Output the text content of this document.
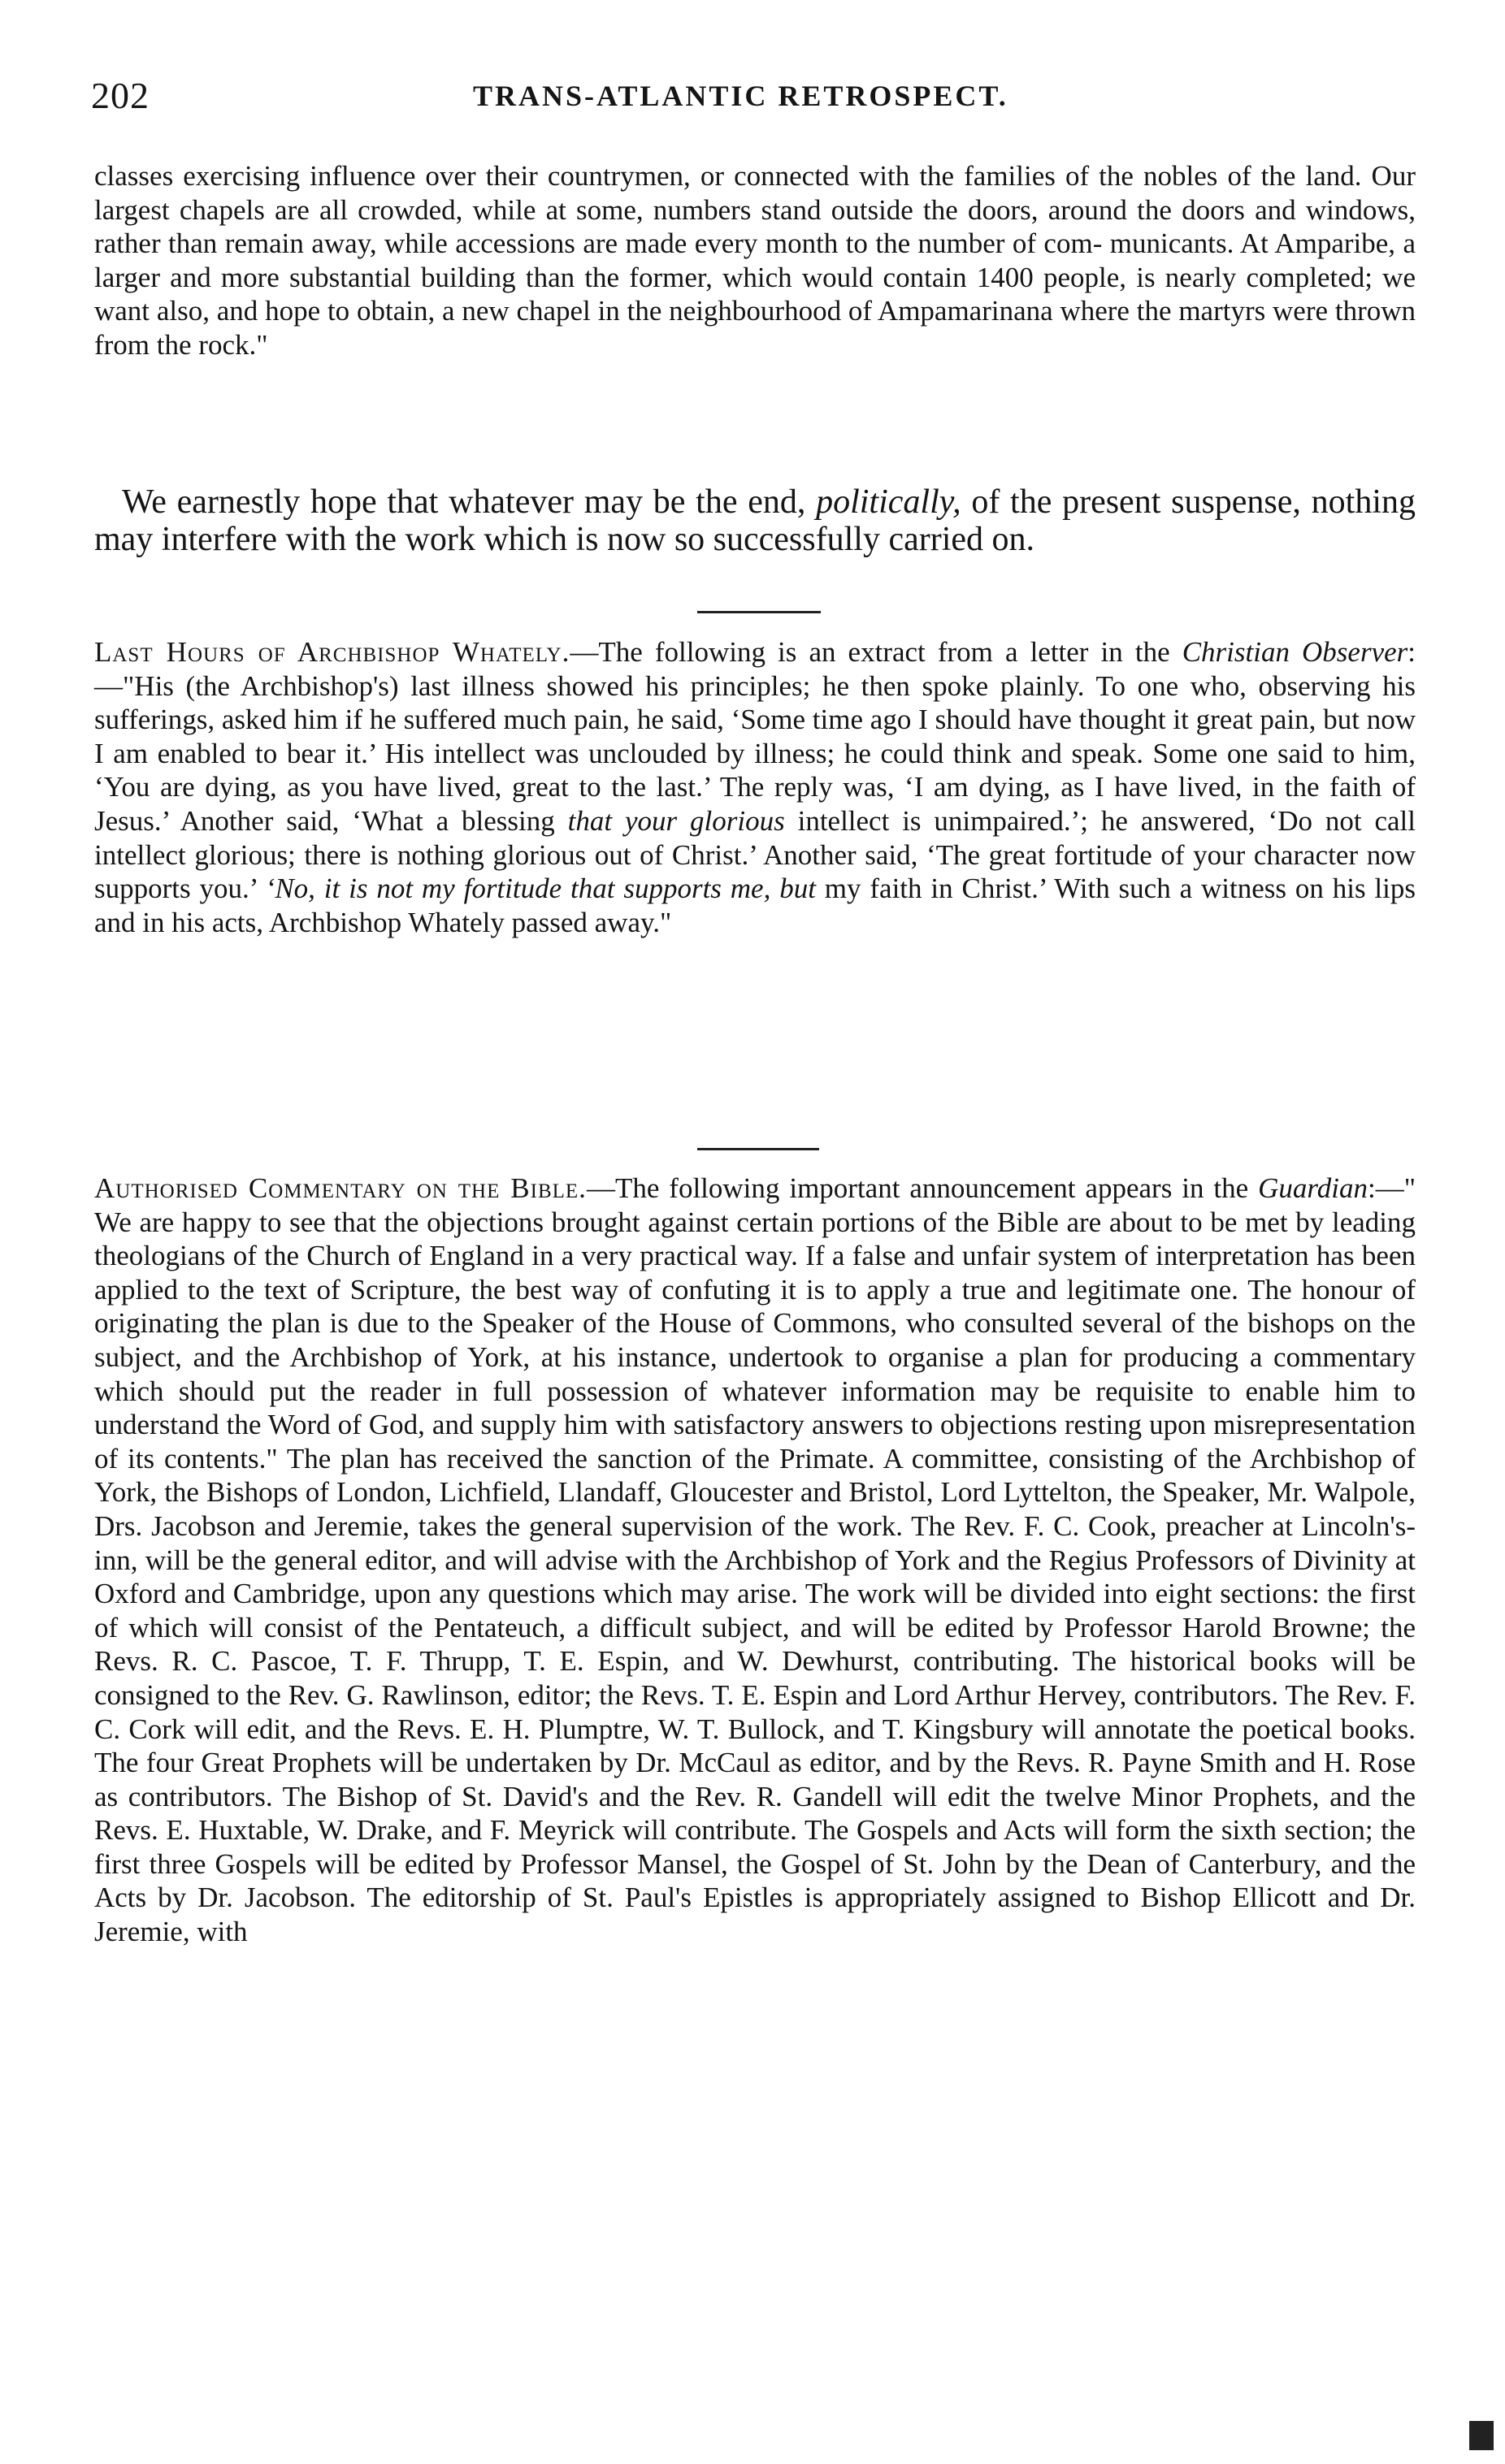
202	TRANS-ATLANTIC RETROSPECT.

classes exercising influence over their countrymen, or connected with the families of the nobles of the land. Our largest chapels are all crowded, while at some, numbers stand outside the doors, around the doors and windows, rather than remain away, while accessions are made every month to the number of com- municants. At Amparibe, a larger and more substantial building than the former, which would contain 1400 people, is nearly completed; we want also, and hope to obtain, a new chapel in the neighbourhood of Ampamarinana where the martyrs were thrown from the rock."

We earnestly hope that whatever may be the end, politically, of the present suspense, nothing may interfere with the work which is now so successfully carried on.

Last Hours of Archbishop Whately.—The following is an extract from a letter in the Christian Observer:—"His (the Archbishop's) last illness showed his principles; he then spoke plainly. To one who, observing his sufferings, asked him if he suffered much pain, he said, ‘Some time ago I should have thought it great pain, but now I am enabled to bear it.’ His intellect was unclouded by illness; he could think and speak. Some one said to him, ‘You are dying, as you have lived, great to the last.’ The reply was, ‘I am dying, as I have lived, in the faith of Jesus.’ Another said, ‘What a blessing that your glorious intellect is unimpaired.’; he answered, ‘Do not call intellect glorious; there is nothing glorious out of Christ.’ Another said, ‘The great fortitude of your character now supports you.’ ‘No, it is not my fortitude that supports me, but my faith in Christ.’ With such a witness on his lips and in his acts, Archbishop Whately passed away."

Authorised Commentary on the Bible.—The following important announcement appears in the Guardian:—" We are happy to see that the objections brought against certain portions of the Bible are about to be met by leading theologians of the Church of England in a very practical way. If a false and unfair system of interpretation has been applied to the text of Scripture, the best way of confuting it is to apply a true and legitimate one. The honour of originating the plan is due to the Speaker of the House of Commons, who consulted several of the bishops on the subject, and the Archbishop of York, at his instance, undertook to organise a plan for producing a commentary which should put the reader in full possession of whatever information may be requisite to enable him to understand the Word of God, and supply him with satisfactory answers to objections resting upon misrepresentation of its contents." The plan has received the sanction of the Primate. A committee, consisting of the Archbishop of York, the Bishops of London, Lichfield, Llandaff, Gloucester and Bristol, Lord Lyttelton, the Speaker, Mr. Walpole, Drs. Jacobson and Jeremie, takes the general supervision of the work. The Rev. F. C. Cook, preacher at Lincoln's-inn, will be the general editor, and will advise with the Archbishop of York and the Regius Professors of Divinity at Oxford and Cambridge, upon any questions which may arise. The work will be divided into eight sections: the first of which will consist of the Pentateuch, a difficult subject, and will be edited by Professor Harold Browne; the Revs. R. C. Pascoe, T. F. Thrupp, T. E. Espin, and W. Dewhurst, contributing. The historical books will be consigned to the Rev. G. Rawlinson, editor; the Revs. T. E. Espin and Lord Arthur Hervey, contributors. The Rev. F. C. Cork will edit, and the Revs. E. H. Plumptre, W. T. Bullock, and T. Kingsbury will annotate the poetical books. The four Great Prophets will be undertaken by Dr. McCaul as editor, and by the Revs. R. Payne Smith and H. Rose as contributors. The Bishop of St. David's and the Rev. R. Gandell will edit the twelve Minor Prophets, and the Revs. E. Huxtable, W. Drake, and F. Meyrick will contribute. The Gospels and Acts will form the sixth section; the first three Gospels will be edited by Professor Mansel, the Gospel of St. John by the Dean of Canterbury, and the Acts by Dr. Jacobson. The editorship of St. Paul's Epistles is appropriately assigned to Bishop Ellicott and Dr. Jeremie, with
